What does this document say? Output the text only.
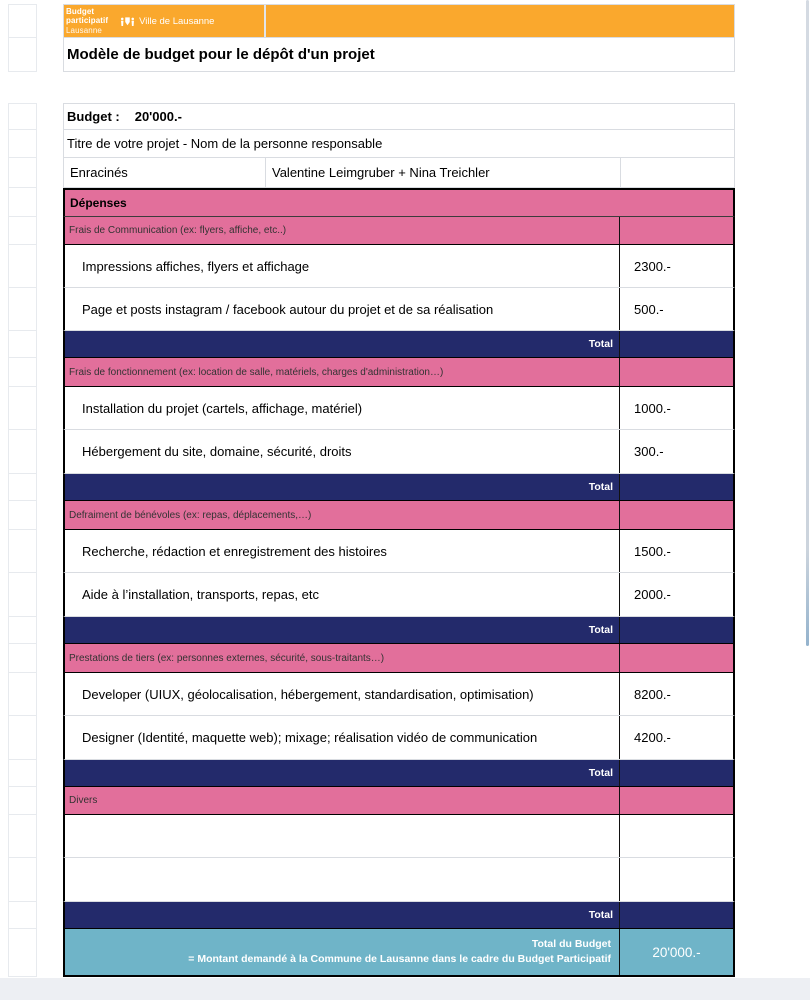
Budget
participatif
Lausanne
Ville de Lausanne
Modèle de budget pour le dépôt d'un projet
Budget : 20'000.-
Titre de votre projet - Nom de la personne responsable
Enracinés	Valentine Leimgruber + Nina Treichler
Dépenses
Frais de Communication (ex: flyers, affiche, etc..)
Impressions affiches, flyers et affichage	2300.-
Page et posts instagram / facebook autour du projet et de sa réalisation	500.-
Total
Frais de fonctionnement (ex: location de salle, matériels, charges d'administration…)
Installation du projet (cartels, affichage, matériel)	1000.-
Hébergement du site, domaine, sécurité, droits	300.-
Total
Defraiment de bénévoles (ex: repas, déplacements,…)
Recherche, rédaction et enregistrement des histoires	1500.-
Aide à l’installation, transports, repas, etc	2000.-
Total
Prestations de tiers (ex: personnes externes, sécurité, sous-traitants…)
Developer (UIUX, géolocalisation, hébergement, standardisation, optimisation)	8200.-
Designer (Identité, maquette web); mixage; réalisation vidéo de communication	4200.-
Total
Divers
Total
Total du Budget
= Montant demandé à la Commune de Lausanne dans le cadre du Budget Participatif	20'000.-
